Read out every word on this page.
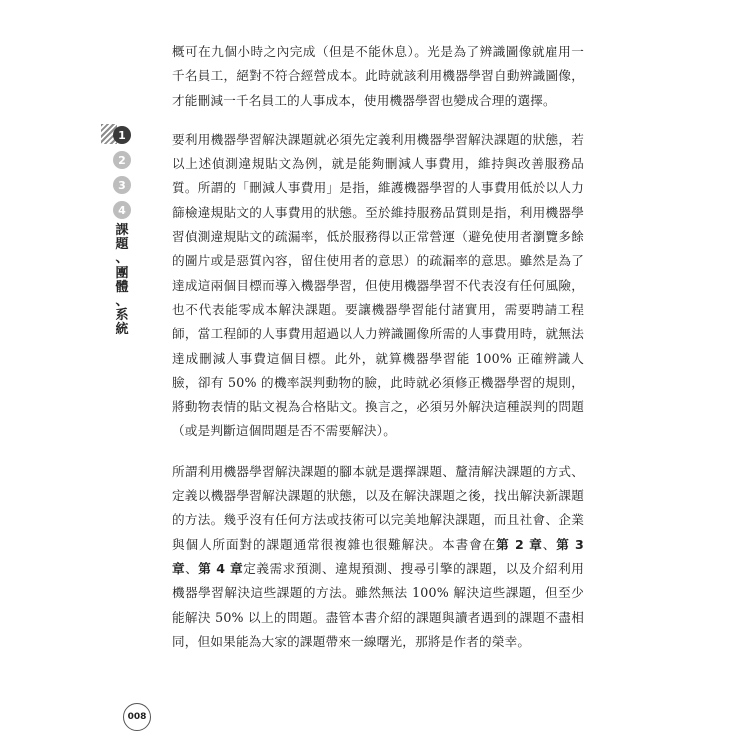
1
2
3
4
課
題
、
團
體
、
系
統

概可在九個小時之內完成（但是不能休息）。光是為了辨識圖像就雇用一千名員工，絕對不符合經營成本。此時就該利用機器學習自動辨識圖像，才能刪減一千名員工的人事成本，使用機器學習也變成合理的選擇。

要利用機器學習解決課題就必須先定義利用機器學習解決課題的狀態，若以上述偵測違規貼文為例，就是能夠刪減人事費用，維持與改善服務品質。所謂的「刪減人事費用」是指，維護機器學習的人事費用低於以人力篩檢違規貼文的人事費用的狀態。至於維持服務品質則是指，利用機器學習偵測違規貼文的疏漏率，低於服務得以正常營運（避免使用者瀏覽多餘的圖片或是惡質內容，留住使用者的意思）的疏漏率的意思。雖然是為了達成這兩個目標而導入機器學習，但使用機器學習不代表沒有任何風險，也不代表能零成本解決課題。要讓機器學習能付諸實用，需要聘請工程師，當工程師的人事費用超過以人力辨識圖像所需的人事費用時，就無法達成刪減人事費這個目標。此外，就算機器學習能 100% 正確辨識人臉，卻有 50% 的機率誤判動物的臉，此時就必須修正機器學習的規則，將動物表情的貼文視為合格貼文。換言之，必須另外解決這種誤判的問題（或是判斷這個問題是否不需要解決）。

所謂利用機器學習解決課題的腳本就是選擇課題、釐清解決課題的方式、定義以機器學習解決課題的狀態，以及在解決課題之後，找出解決新課題的方法。幾乎沒有任何方法或技術可以完美地解決課題，而且社會、企業與個人所面對的課題通常很複雜也很難解決。本書會在第 2 章、第 3 章、第 4 章定義需求預測、違規預測、搜尋引擎的課題，以及介紹利用機器學習解決這些課題的方法。雖然無法 100% 解決這些課題，但至少能解決 50% 以上的問題。盡管本書介紹的課題與讀者遇到的課題不盡相同，但如果能為大家的課題帶來一線曙光，那將是作者的榮幸。

008
